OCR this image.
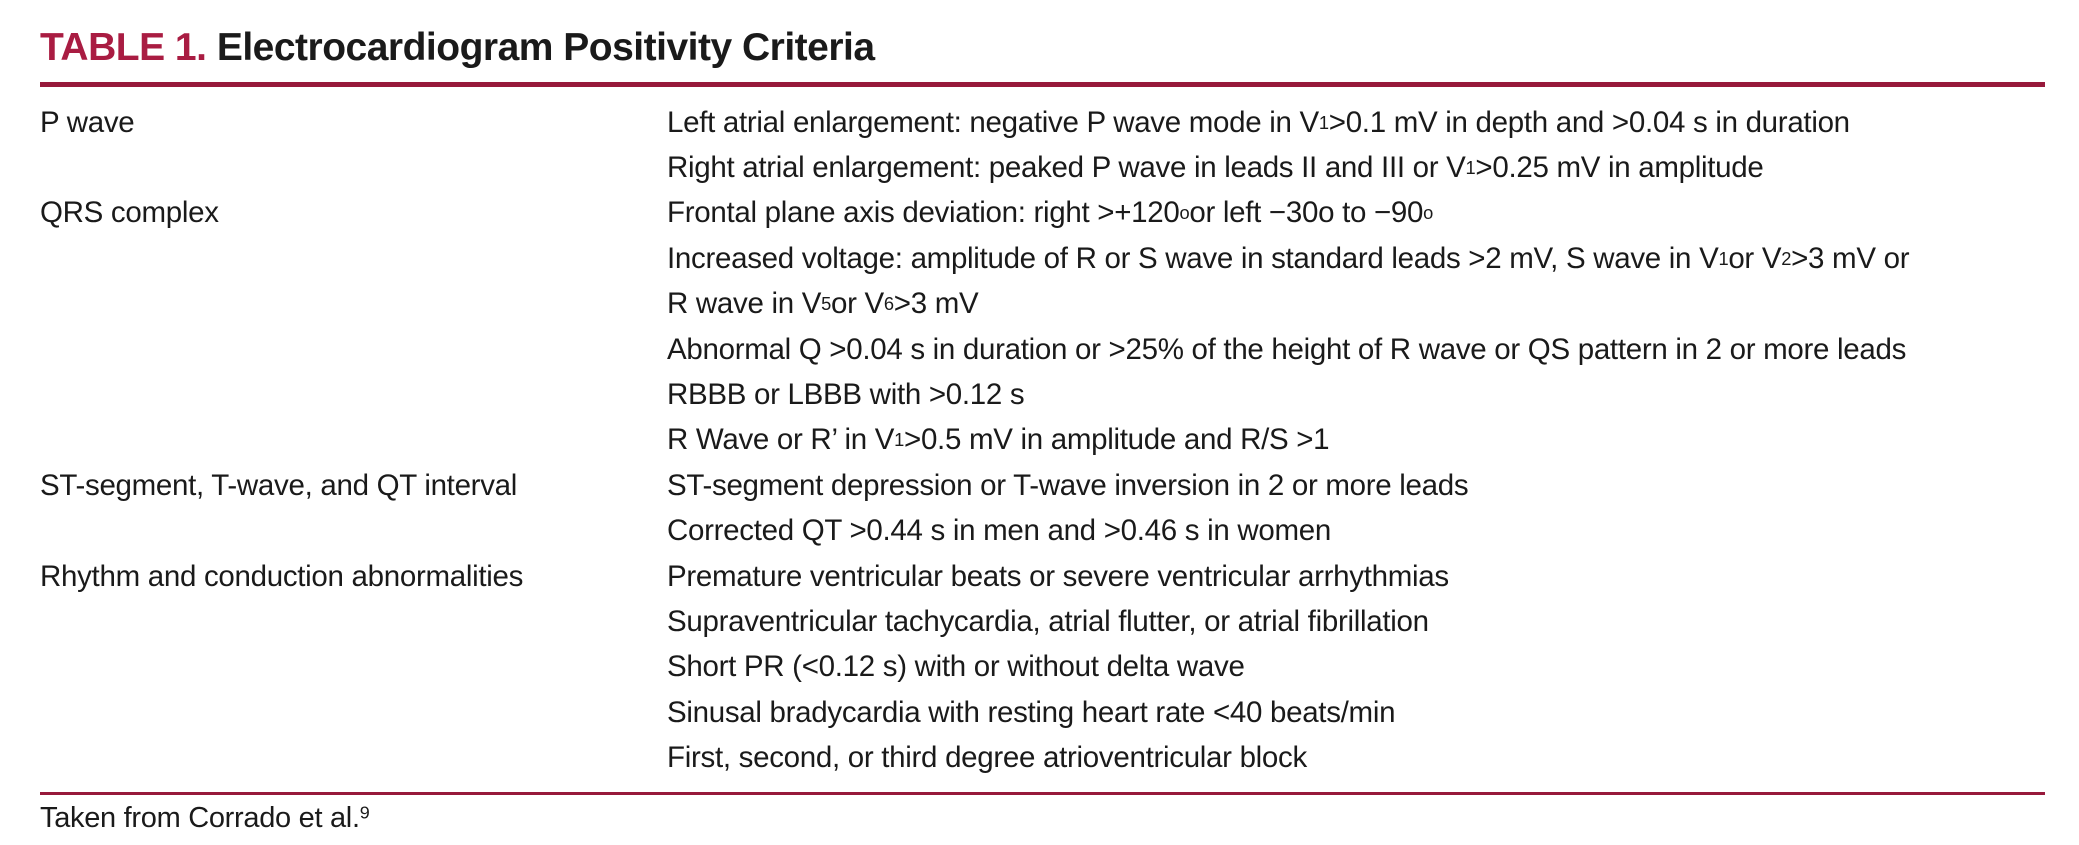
TABLE 1. Electrocardiogram Positivity Criteria
P wave	Left atrial enlargement: negative P wave mode in V 1 >0.1 mV in depth and >0.04 s in duration
Right atrial enlargement: peaked P wave in leads II and III or V 1 >0.25 mV in amplitude
QRS complex	Frontal plane axis deviation: right >+120 o or left −30o to −90 o
Increased voltage: amplitude of R or S wave in standard leads >2 mV, S wave in V 1 or V 2 >3 mV or
R wave in V 5 or V 6 >3 mV
Abnormal Q >0.04 s in duration or >25% of the height of R wave or QS pattern in 2 or more leads
RBBB or LBBB with >0.12 s
R Wave or R’ in V 1 >0.5 mV in amplitude and R/S >1
ST-segment, T-wave, and QT interval	ST-segment depression or T-wave inversion in 2 or more leads
Corrected QT >0.44 s in men and >0.46 s in women
Rhythm and conduction abnormalities	Premature ventricular beats or severe ventricular arrhythmias
Supraventricular tachycardia, atrial flutter, or atrial fibrillation
Short PR (<0.12 s) with or without delta wave
Sinusal bradycardia with resting heart rate <40 beats/min
First, second, or third degree atrioventricular block
Taken from Corrado et al.$^9$
